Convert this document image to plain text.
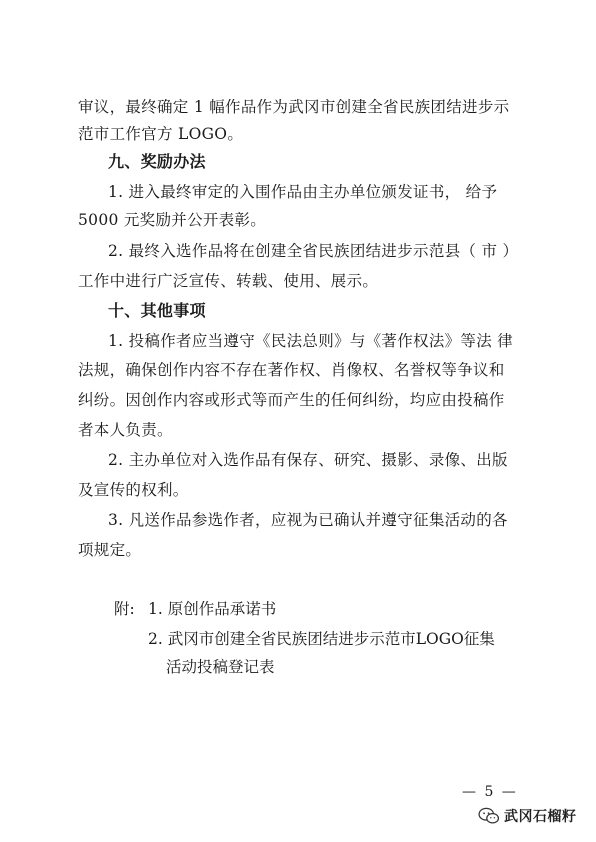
审议，最终确定 1 幅作品作为武冈市创建全省民族团结进步示
范市工作官方 LOGO。
九、奖励办法
1. 进入最终审定的入围作品由主办单位颁发证书， 给予
5000 元奖励并公开表彰。
2. 最终入选作品将在创建全省民族团结进步示范县（ 市 ）
工作中进行广泛宣传、转载、使用、展示。
十、其他事项
1. 投稿作者应当遵守《民法总则》与《著作权法》等法 律
法规，确保创作内容不存在著作权、肖像权、名誉权等争议和
纠纷。因创作内容或形式等而产生的任何纠纷，均应由投稿作
者本人负责。
2. 主办单位对入选作品有保存、研究、摄影、录像、出版
及宣传的权利。
3. 凡送作品参选作者，应视为已确认并遵守征集活动的各
项规定。
附: 1. 原创作品承诺书
2. 武冈市创建全省民族团结进步示范市LOGO征集
活动投稿登记表
— 5 —
武冈石榴籽
